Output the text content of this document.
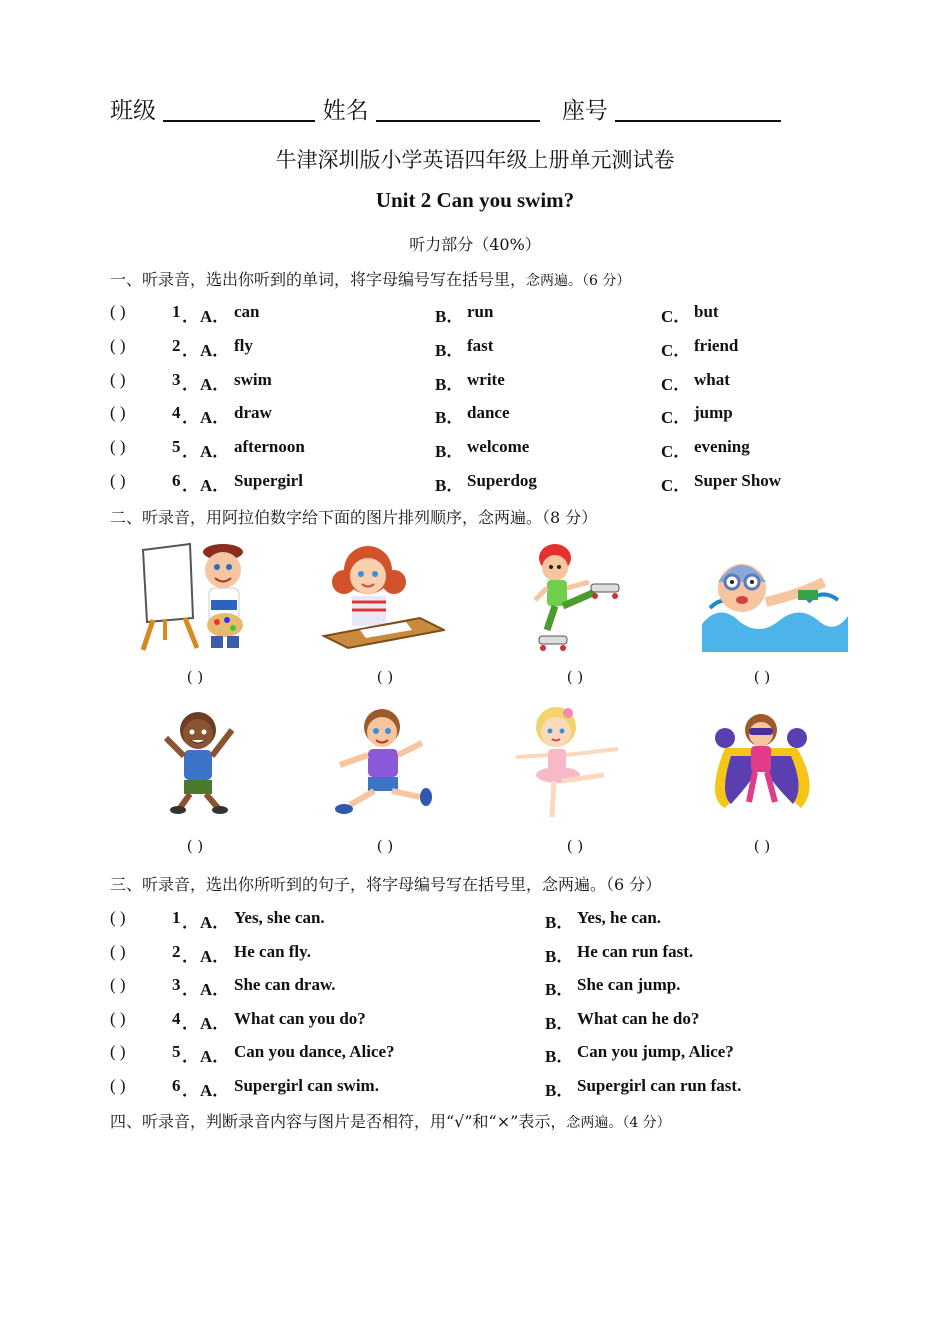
班级	姓名	座号
牛津深圳版小学英语四年级上册单元测试卷
Unit 2 Can you swim?
听力部分（40%）
一、听录音，选出你听到的单词，将字母编号写在括号里，念两遍。（6 分）
( )	1 ． A． can	B． run	C． but
( )	2 ． A． fly	B． fast	C． friend
( )	3 ． A． swim	B． write	C． what
( )	4 ． A． draw	B． dance	C． jump
( )	5 ． A． afternoon	B． welcome	C． evening
( )	6 ． A． Supergirl	B． Superdog	C． Super Show
二、听录音，用阿拉伯数字给下面的图片排列顺序，念两遍。（8 分）
( )	( )	( )	( )
( )	( )	( )	( )
三、听录音，选出你所听到的句子，将字母编号写在括号里，念两遍。（6 分）
( )	1 ． A． Yes, she can.	B． Yes, he can.
( )	2 ． A． He can fly.	B． He can run fast.
( )	3 ． A． She can draw.	B． She can jump.
( )	4 ． A． What can you do?	B． What can he do?
( )	5 ． A． Can you dance, Alice?	B． Can you jump, Alice?
( )	6 ． A． Supergirl can swim.	B． Supergirl can run fast.
四、听录音，判断录音内容与图片是否相符，用“√”和“×”表示，念两遍。（4 分）
